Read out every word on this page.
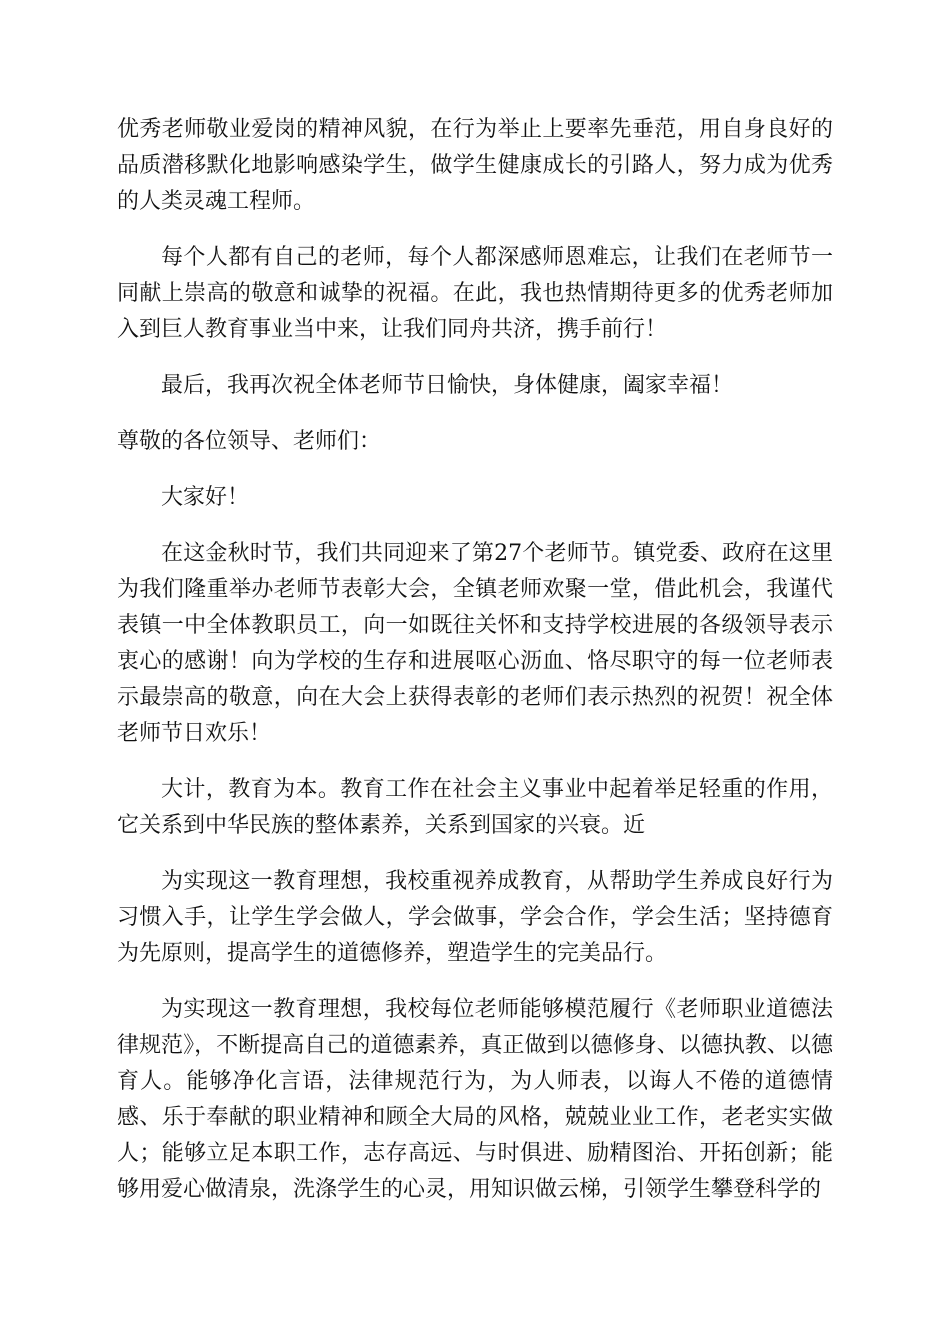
优秀老师敬业爱岗的精神风貌，在行为举止上要率先垂范，用自身良好的品质潜移默化地影响感染学生，做学生健康成长的引路人，努力成为优秀的人类灵魂工程师。

每个人都有自己的老师，每个人都深感师恩难忘，让我们在老师节一同献上崇高的敬意和诚挚的祝福。在此，我也热情期待更多的优秀老师加入到巨人教育事业当中来，让我们同舟共济，携手前行！

最后，我再次祝全体老师节日愉快，身体健康，阖家幸福！

尊敬的各位领导、老师们：

大家好！

在这金秋时节，我们共同迎来了第27个老师节。镇党委、政府在这里为我们隆重举办老师节表彰大会，全镇老师欢聚一堂，借此机会，我谨代表镇一中全体教职员工，向一如既往关怀和支持学校进展的各级领导表示衷心的感谢！向为学校的生存和进展呕心沥血、恪尽职守的每一位老师表示最崇高的敬意，向在大会上获得表彰的老师们表示热烈的祝贺！祝全体老师节日欢乐！

大计，教育为本。教育工作在社会主义事业中起着举足轻重的作用，它关系到中华民族的整体素养，关系到国家的兴衰。近

为实现这一教育理想，我校重视养成教育，从帮助学生养成良好行为习惯入手，让学生学会做人，学会做事，学会合作，学会生活；坚持德育为先原则，提高学生的道德修养，塑造学生的完美品行。

为实现这一教育理想，我校每位老师能够模范履行《老师职业道德法律规范》，不断提高自己的道德素养，真正做到以德修身、以德执教、以德育人。能够净化言语，法律规范行为，为人师表，以诲人不倦的道德情感、乐于奉献的职业精神和顾全大局的风格，兢兢业业工作，老老实实做人；能够立足本职工作，志存高远、与时俱进、励精图治、开拓创新；能够用爱心做清泉，洗涤学生的心灵，用知识做云梯，引领学生攀登科学的
